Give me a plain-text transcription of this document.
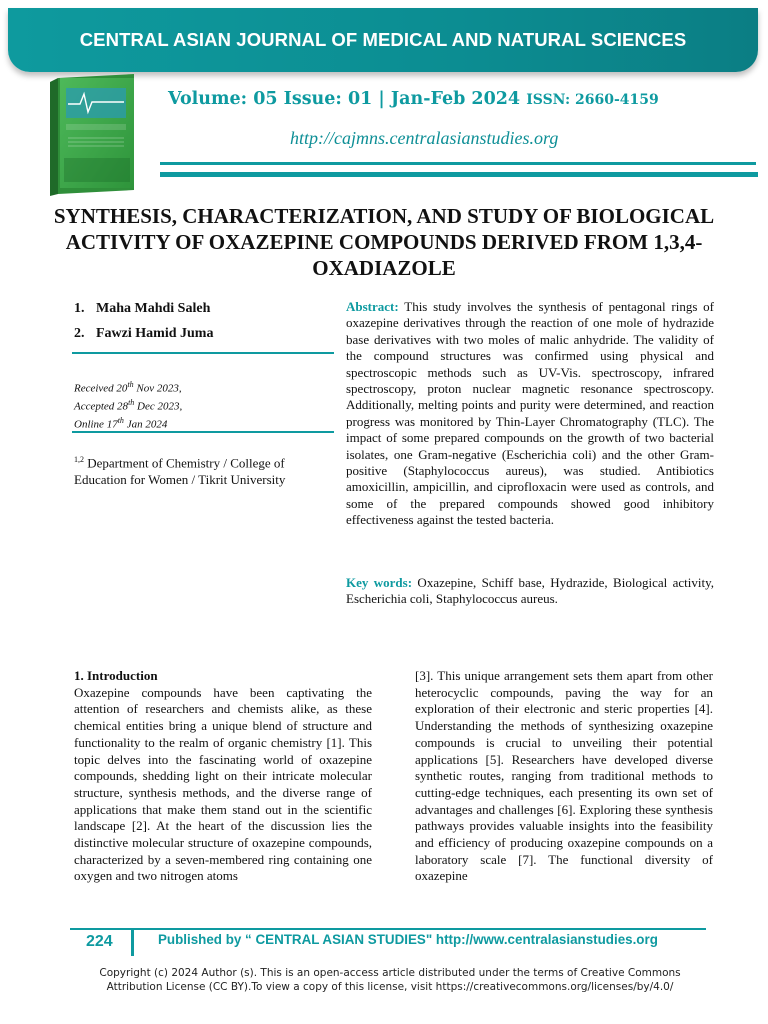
CENTRAL ASIAN JOURNAL OF MEDICAL AND NATURAL SCIENCES
Volume: 05 Issue: 01 | Jan-Feb 2024 ISSN: 2660-4159
http://cajmns.centralasianstudies.org
SYNTHESIS, CHARACTERIZATION, AND STUDY OF BIOLOGICAL ACTIVITY OF OXAZEPINE COMPOUNDS DERIVED FROM 1,3,4-OXADIAZOLE
1. Maha Mahdi Saleh
2. Fawzi Hamid Juma
Received 20th Nov 2023,
Accepted 28th Dec 2023,
Online 17th Jan 2024
$^{1,2}$ Department of Chemistry / College of Education for Women / Tikrit University
Abstract: This study involves the synthesis of pentagonal rings of oxazepine derivatives through the reaction of one mole of hydrazide base derivatives with two moles of malic anhydride. The validity of the compound structures was confirmed using physical and spectroscopic methods such as UV-Vis. spectroscopy, infrared spectroscopy, proton nuclear magnetic resonance spectroscopy. Additionally, melting points and purity were determined, and reaction progress was monitored by Thin-Layer Chromatography (TLC). The impact of some prepared compounds on the growth of two bacterial isolates, one Gram-negative (Escherichia coli) and the other Gram-positive (Staphylococcus aureus), was studied. Antibiotics amoxicillin, ampicillin, and ciprofloxacin were used as controls, and some of the prepared compounds showed good inhibitory effectiveness against the tested bacteria.
Key words: Oxazepine, Schiff base, Hydrazide, Biological activity, Escherichia coli, Staphylococcus aureus.
1. Introduction
Oxazepine compounds have been captivating the attention of researchers and chemists alike, as these chemical entities bring a unique blend of structure and functionality to the realm of organic chemistry [1]. This topic delves into the fascinating world of oxazepine compounds, shedding light on their intricate molecular structure, synthesis methods, and the diverse range of applications that make them stand out in the scientific landscape [2]. At the heart of the discussion lies the distinctive molecular structure of oxazepine compounds, characterized by a seven-membered ring containing one oxygen and two nitrogen atoms
[3]. This unique arrangement sets them apart from other heterocyclic compounds, paving the way for an exploration of their electronic and steric properties [4]. Understanding the methods of synthesizing oxazepine compounds is crucial to unveiling their potential applications [5]. Researchers have developed diverse synthetic routes, ranging from traditional methods to cutting-edge techniques, each presenting its own set of advantages and challenges [6]. Exploring these synthesis pathways provides valuable insights into the feasibility and efficiency of producing oxazepine compounds on a laboratory scale [7]. The functional diversity of oxazepine
224	Published by “ CENTRAL ASIAN STUDIES" http://www.centralasianstudies.org
Copyright (c) 2024 Author (s). This is an open-access article distributed under the terms of Creative Commons
Attribution License (CC BY).To view a copy of this license, visit https://creativecommons.org/licenses/by/4.0/
